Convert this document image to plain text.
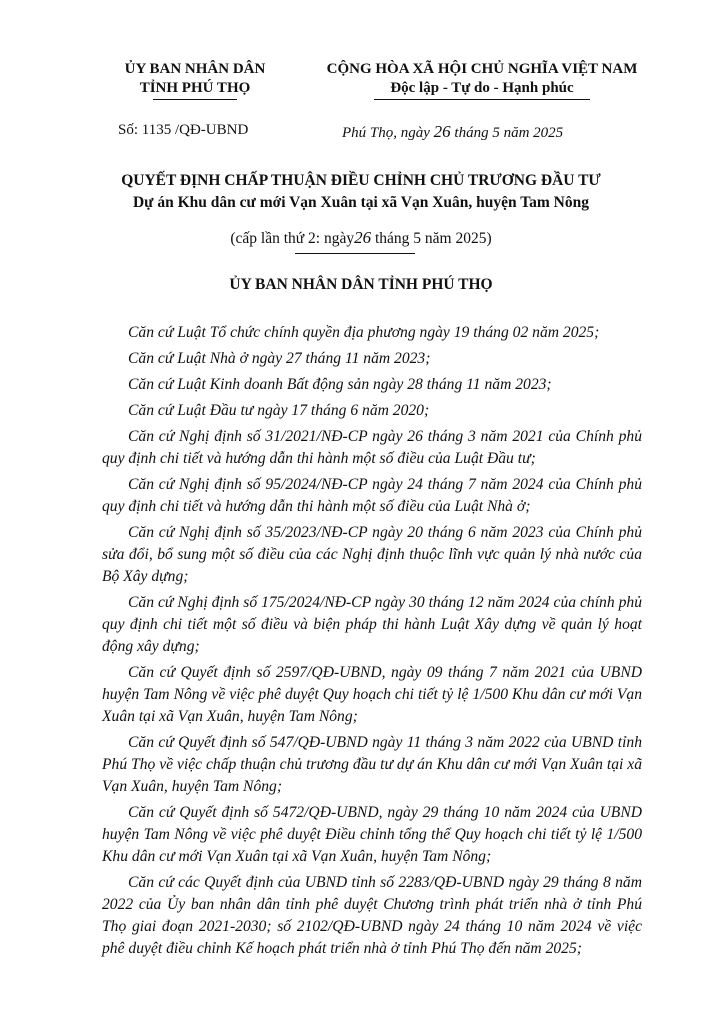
ỦY BAN NHÂN DÂN
TỈNH PHÚ THỌ
CỘNG HÒA XÃ HỘI CHỦ NGHĨA VIỆT NAM
Độc lập - Tự do - Hạnh phúc
Số: 1135 /QĐ-UBND	Phú Thọ, ngày 26 tháng 5 năm 2025
QUYẾT ĐỊNH CHẤP THUẬN ĐIỀU CHỈNH CHỦ TRƯƠNG ĐẦU TƯ
Dự án Khu dân cư mới Vạn Xuân tại xã Vạn Xuân, huyện Tam Nông
(cấp lần thứ 2: ngày26 tháng 5 năm 2025)
ỦY BAN NHÂN DÂN TỈNH PHÚ THỌ

Căn cứ Luật Tổ chức chính quyền địa phương ngày 19 tháng 02 năm 2025;

Căn cứ Luật Nhà ở ngày 27 tháng 11 năm 2023;

Căn cứ Luật Kinh doanh Bất động sản ngày 28 tháng 11 năm 2023;

Căn cứ Luật Đầu tư ngày 17 tháng 6 năm 2020;

Căn cứ Nghị định số 31/2021/NĐ-CP ngày 26 tháng 3 năm 2021 của Chính phủ quy định chi tiết và hướng dẫn thi hành một số điều của Luật Đầu tư;

Căn cứ Nghị định số 95/2024/NĐ-CP ngày 24 tháng 7 năm 2024 của Chính phủ quy định chi tiết và hướng dẫn thi hành một số điều của Luật Nhà ở;

Căn cứ Nghị định số 35/2023/NĐ-CP ngày 20 tháng 6 năm 2023 của Chính phủ sửa đổi, bổ sung một số điều của các Nghị định thuộc lĩnh vực quản lý nhà nước của Bộ Xây dựng;

Căn cứ Nghị định số 175/2024/NĐ-CP ngày 30 tháng 12 năm 2024 của chính phủ quy định chi tiết một số điều và biện pháp thi hành Luật Xây dựng về quản lý hoạt động xây dựng;

Căn cứ Quyết định số 2597/QĐ-UBND, ngày 09 tháng 7 năm 2021 của UBND huyện Tam Nông về việc phê duyệt Quy hoạch chi tiết tỷ lệ 1/500 Khu dân cư mới Vạn Xuân tại xã Vạn Xuân, huyện Tam Nông;

Căn cứ Quyết định số 547/QĐ-UBND ngày 11 tháng 3 năm 2022 của UBND tỉnh Phú Thọ về việc chấp thuận chủ trương đầu tư dự án Khu dân cư mới Vạn Xuân tại xã Vạn Xuân, huyện Tam Nông;

Căn cứ Quyết định số 5472/QĐ-UBND, ngày 29 tháng 10 năm 2024 của UBND huyện Tam Nông về việc phê duyệt Điều chỉnh tổng thể Quy hoạch chi tiết tỷ lệ 1/500 Khu dân cư mới Vạn Xuân tại xã Vạn Xuân, huyện Tam Nông;

Căn cứ các Quyết định của UBND tỉnh số 2283/QĐ-UBND ngày 29 tháng 8 năm 2022 của Ủy ban nhân dân tỉnh phê duyệt Chương trình phát triển nhà ở tỉnh Phú Thọ giai đoạn 2021-2030; số 2102/QĐ-UBND ngày 24 tháng 10 năm 2024 về việc phê duyệt điều chỉnh Kế hoạch phát triển nhà ở tỉnh Phú Thọ đến năm 2025;
